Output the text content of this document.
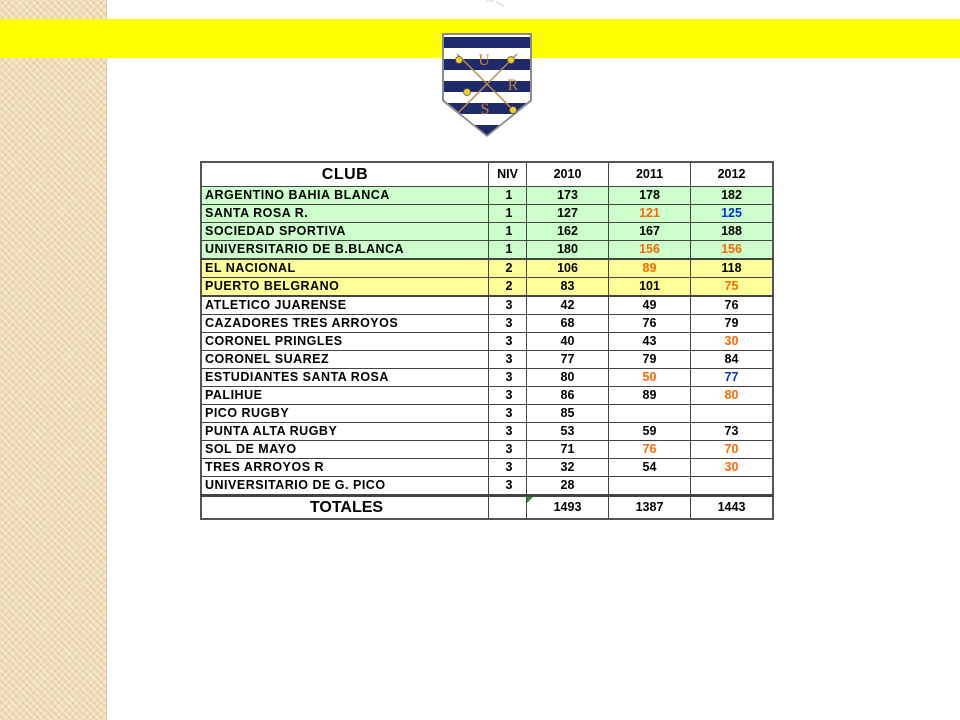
U
R
S
CLUB	NIV	2010	2011	2012
ARGENTINO BAHIA BLANCA	1	173	178	182
SANTA ROSA R.	1	127	121	125
SOCIEDAD SPORTIVA	1	162	167	188
UNIVERSITARIO DE B.BLANCA	1	180	156	156
EL NACIONAL	2	106	89	118
PUERTO BELGRANO	2	83	101	75
ATLETICO JUARENSE	3	42	49	76
CAZADORES TRES ARROYOS	3	68	76	79
CORONEL PRINGLES	3	40	43	30
CORONEL SUAREZ	3	77	79	84
ESTUDIANTES SANTA ROSA	3	80	50	77
PALIHUE	3	86	89	80
PICO RUGBY	3	85		
PUNTA ALTA RUGBY	3	53	59	73
SOL DE MAYO	3	71	76	70
TRES ARROYOS R	3	32	54	30
UNIVERSITARIO DE G. PICO	3	28		
TOTALES		1493	1387	1443
